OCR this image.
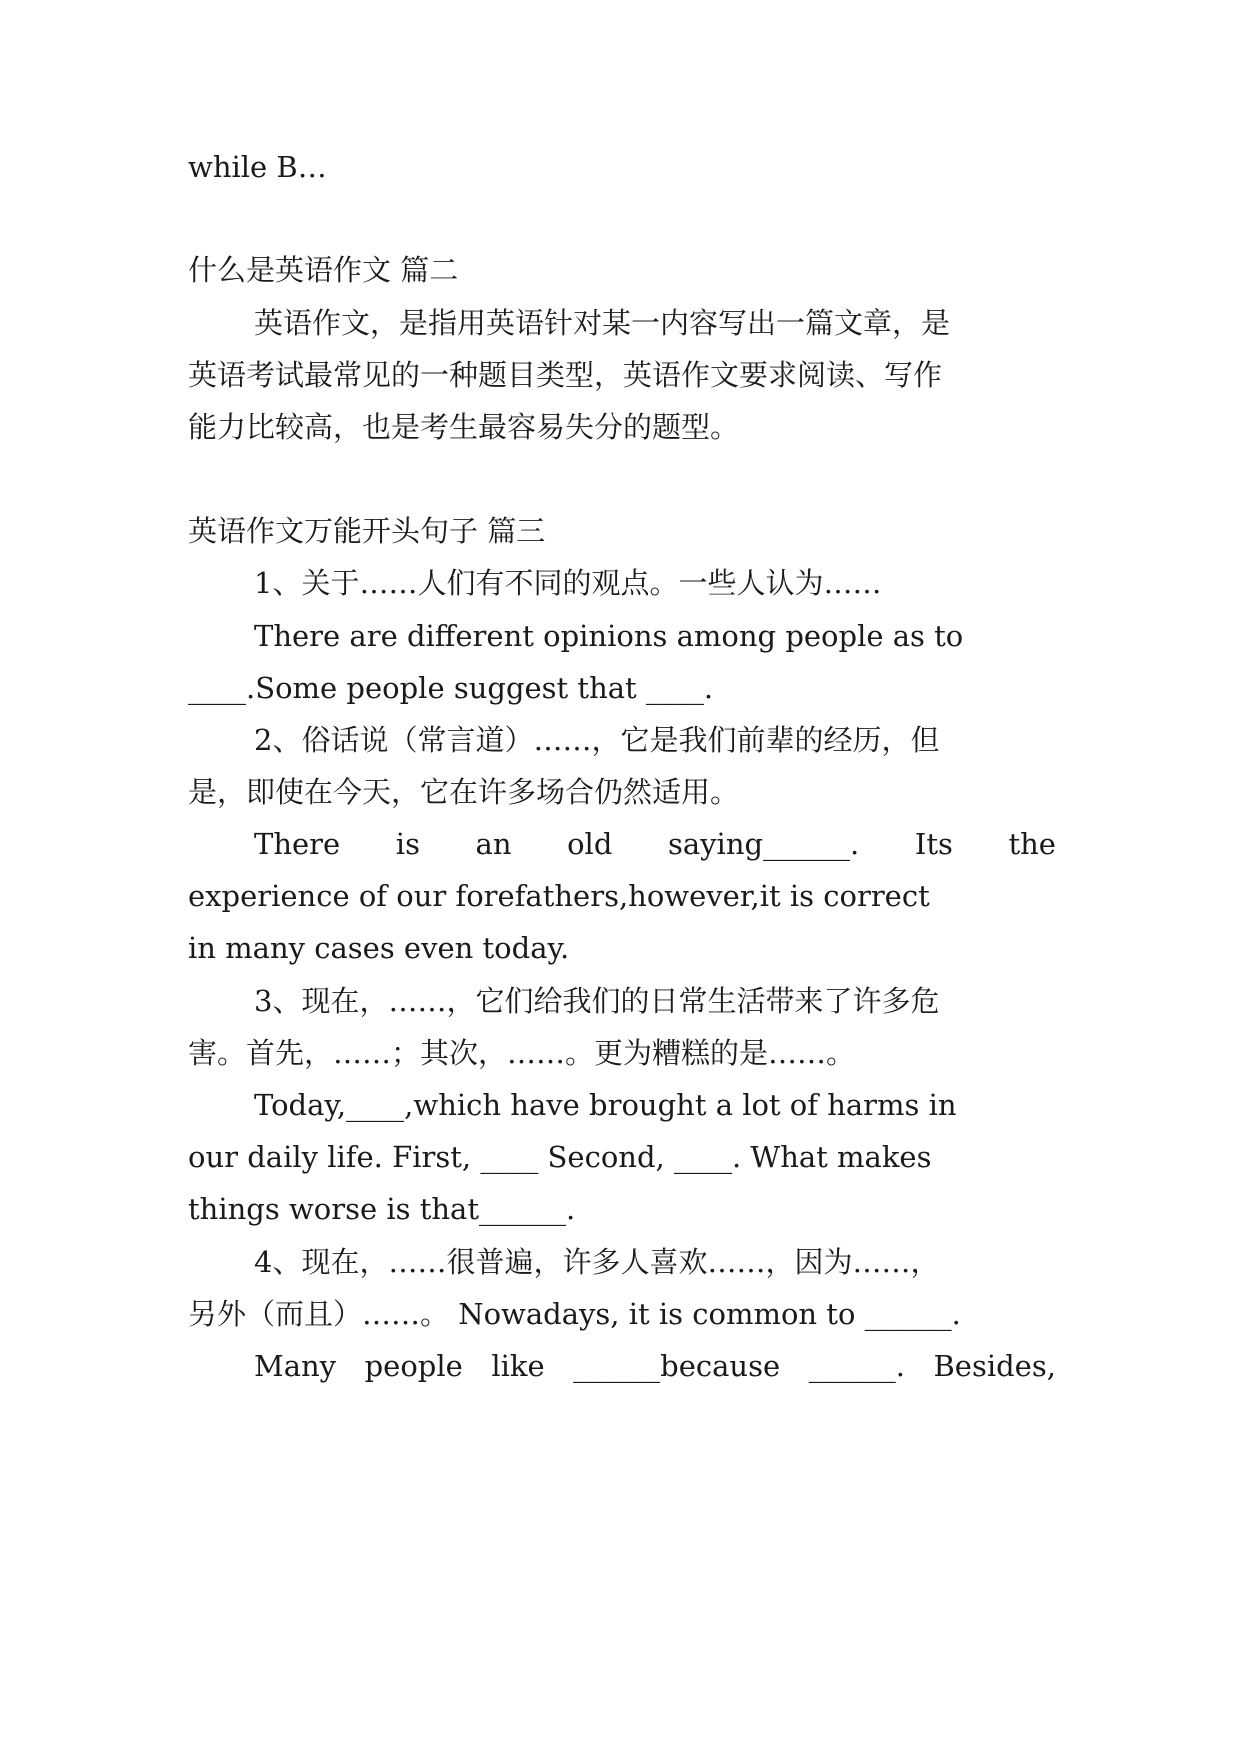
while B…
什么是英语作文 篇二
英语作文，是指用英语针对某一内容写出一篇文章，是
英语考试最常见的一种题目类型，英语作文要求阅读、写作
能力比较高，也是考生最容易失分的题型。
英语作文万能开头句子 篇三
1、关于……人们有不同的观点。一些人认为……
There are different opinions among people as to
____.Some people suggest that ____.
2、俗话说（常言道）……，它是我们前辈的经历，但
是，即使在今天，它在许多场合仍然适用。
There is an old saying______. Its the
experience of our forefathers,however,it is correct
in many cases even today.
3、现在，……，它们给我们的日常生活带来了许多危
害。首先，……；其次，……。更为糟糕的是……。
Today,____,which have brought a lot of harms in
our daily life. First, ____ Second, ____. What makes
things worse is that______.
4、现在，……很普遍，许多人喜欢……，因为……，
另外（而且）……。 Nowadays, it is common to ______.
Many people like ______because ______. Besides,
